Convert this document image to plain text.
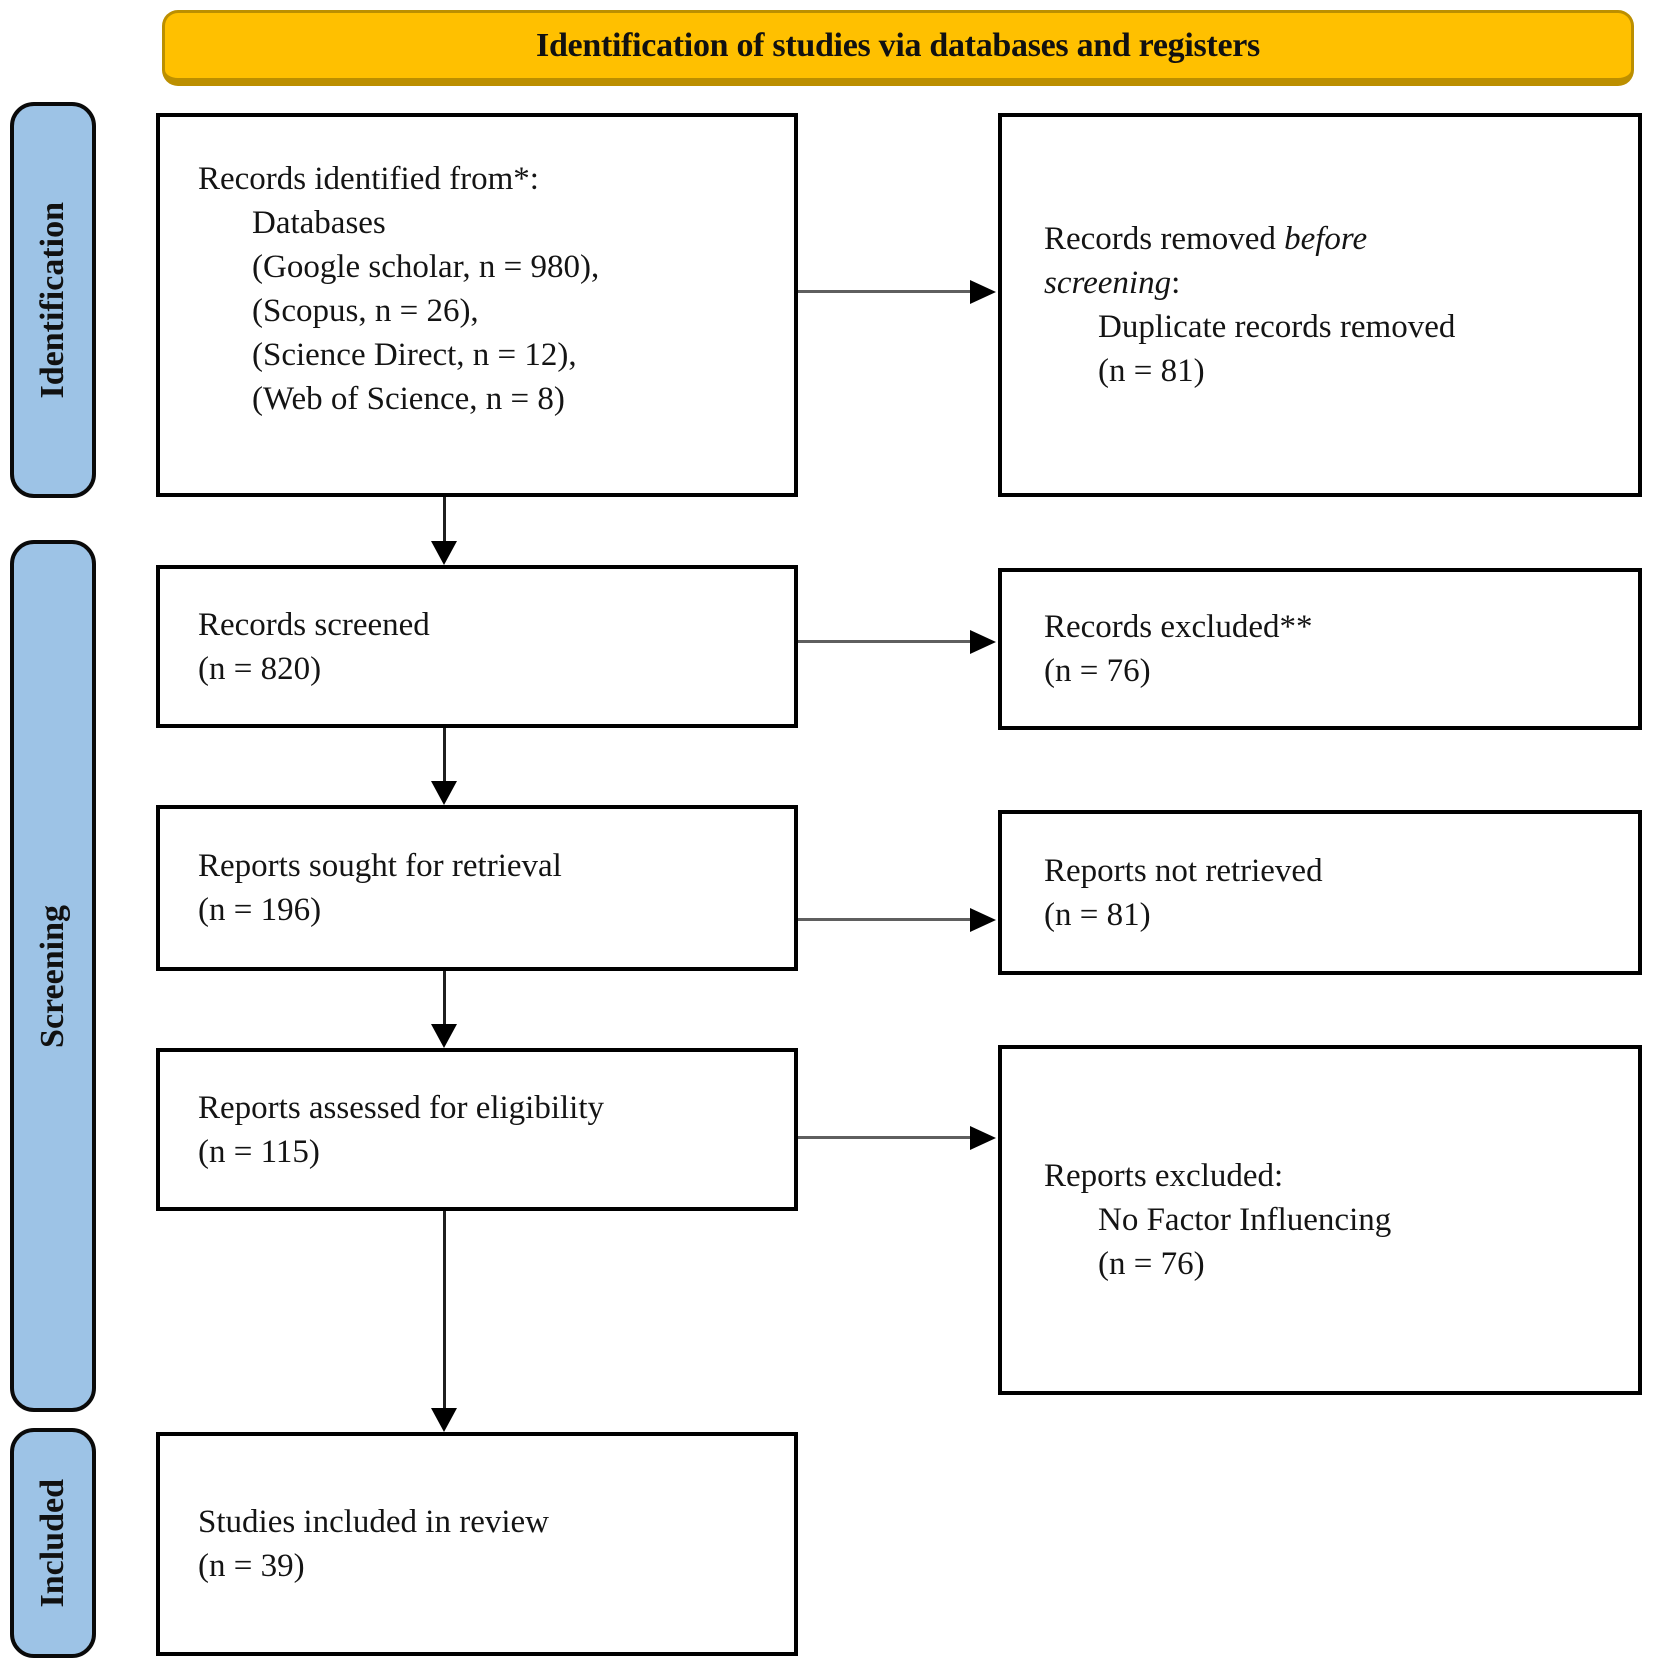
Identification of studies via databases and registers
Identification
Screening
Included
Records identified from*:
Databases
(Google scholar, n = 980),
(Scopus, n = 26),
(Science Direct, n = 12),
(Web of Science, n = 8)
Records screened
(n = 820)
Reports sought for retrieval
(n = 196)
Reports assessed for eligibility
(n = 115)
Studies included in review
(n = 39)
Records removed before
screening:
Duplicate records removed
(n = 81)
Records excluded**
(n = 76)
Reports not retrieved
(n = 81)
Reports excluded:
No Factor Influencing
(n = 76)
